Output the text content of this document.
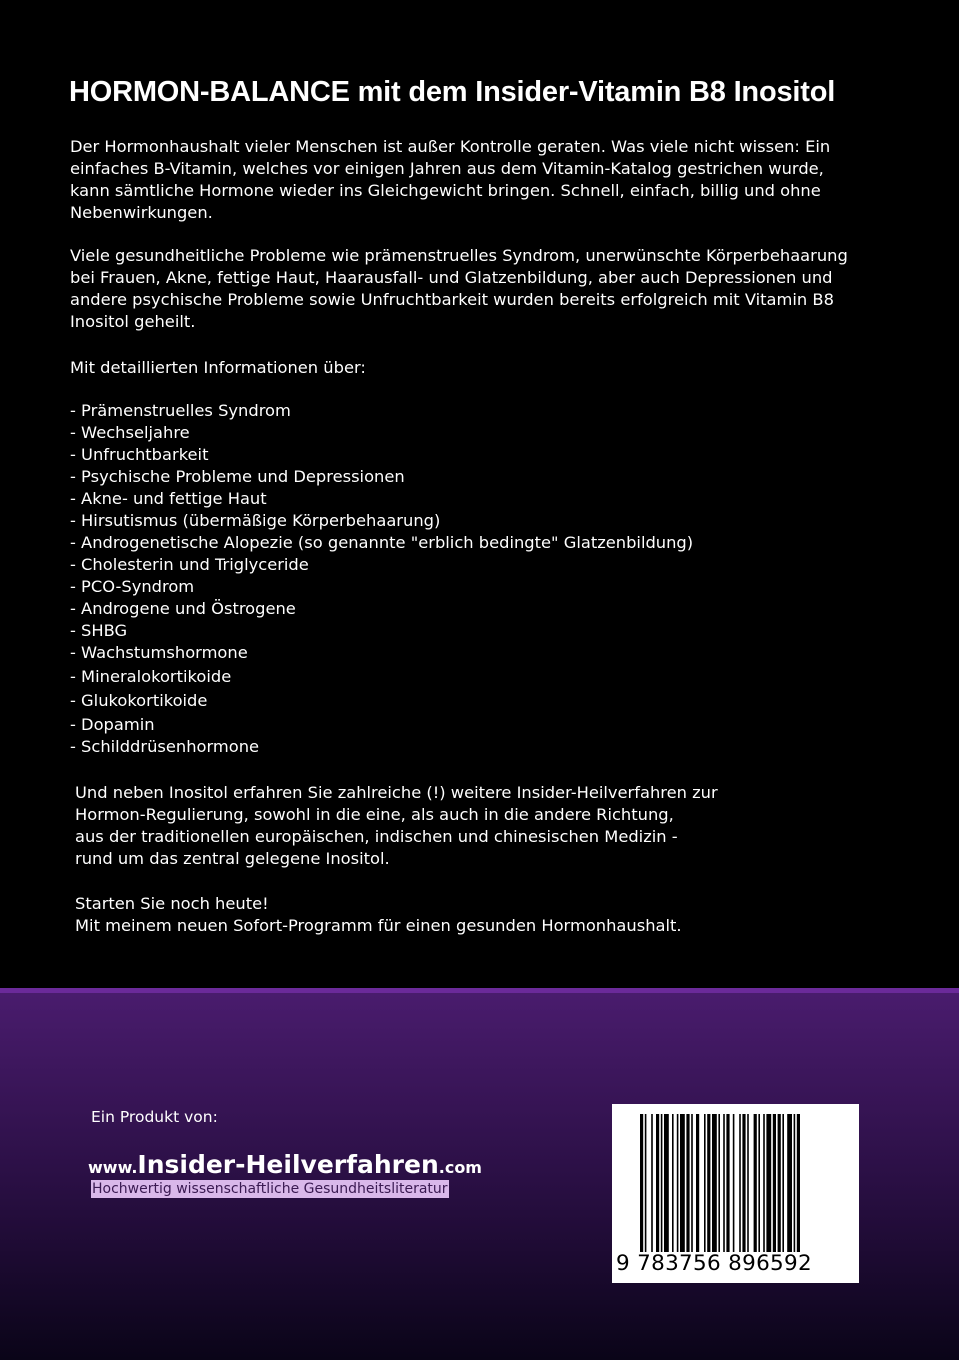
HORMON-BALANCE mit dem Insider-Vitamin B8 Inositol
Der Hormonhaushalt vieler Menschen ist außer Kontrolle geraten. Was viele nicht wissen: Ein
einfaches B-Vitamin, welches vor einigen Jahren aus dem Vitamin-Katalog gestrichen wurde,
kann sämtliche Hormone wieder ins Gleichgewicht bringen. Schnell, einfach, billig und ohne
Nebenwirkungen.
Viele gesundheitliche Probleme wie prämenstruelles Syndrom, unerwünschte Körperbehaarung
bei Frauen, Akne, fettige Haut, Haarausfall- und Glatzenbildung, aber auch Depressionen und
andere psychische Probleme sowie Unfruchtbarkeit wurden bereits erfolgreich mit Vitamin B8
Inositol geheilt.
Mit detaillierten Informationen über:
- Prämenstruelles Syndrom
- Wechseljahre
- Unfruchtbarkeit
- Psychische Probleme und Depressionen
- Akne- und fettige Haut
- Hirsutismus (übermäßige Körperbehaarung)
- Androgenetische Alopezie (so genannte "erblich bedingte" Glatzenbildung)
- Cholesterin und Triglyceride
- PCO-Syndrom
- Androgene und Östrogene
- SHBG
- Wachstumshormone
- Mineralokortikoide
- Glukokortikoide
- Dopamin
- Schilddrüsenhormone
Und neben Inositol erfahren Sie zahlreiche (!) weitere Insider-Heilverfahren zur
Hormon-Regulierung, sowohl in die eine, als auch in die andere Richtung,
aus der traditionellen europäischen, indischen und chinesischen Medizin -
rund um das zentral gelegene Inositol.
Starten Sie noch heute!
Mit meinem neuen Sofort-Programm für einen gesunden Hormonhaushalt.
Ein Produkt von:
www.Insider-Heilverfahren.com
Hochwertig wissenschaftliche Gesundheitsliteratur
9 783756 896592
